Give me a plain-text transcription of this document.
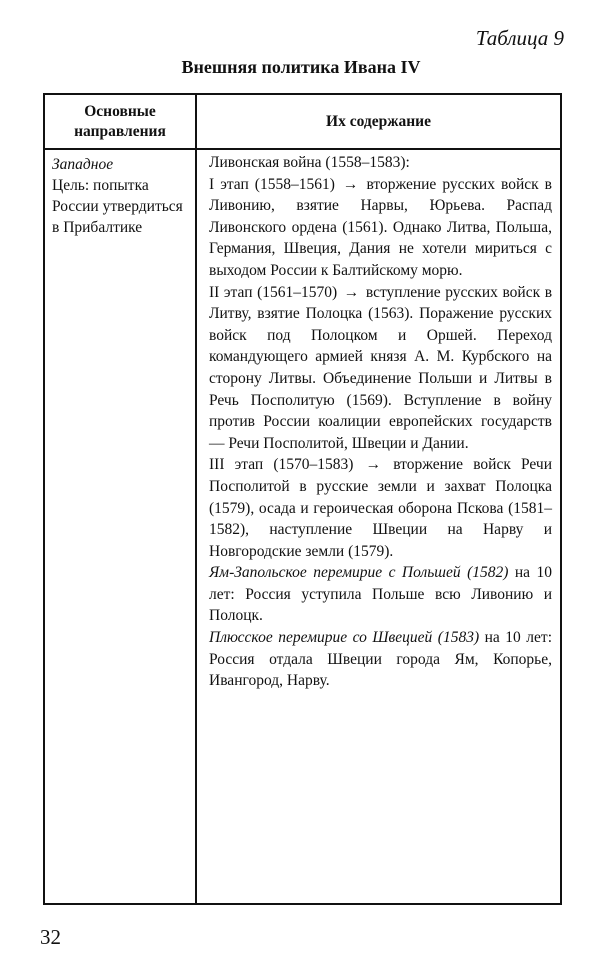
Таблица 9
Внешняя политика Ивана IV
Основные направления
Их содержание
Западное
Цель: попытка России утвердиться в Прибалтике

Ливонская война (1558–1583):

I этап (1558–1561) → вторжение русских войск в Ливонию, взятие Нарвы, Юрьева. Распад Ливонского ордена (1561). Однако Литва, Польша, Германия, Швеция, Дания не хотели мириться с выходом России к Балтийскому морю.

II этап (1561–1570) → вступление русских войск в Литву, взятие Полоцка (1563). Поражение русских войск под Полоцком и Оршей. Переход командующего армией князя А. М. Курбского на сторону Литвы. Объединение Польши и Литвы в Речь Посполитую (1569). Вступление в войну против России коалиции европейских государств — Речи Посполитой, Швеции и Дании.

III этап (1570–1583) → вторжение войск Речи Посполитой в русские земли и захват Полоцка (1579), осада и героическая оборона Пскова (1581–1582), наступление Швеции на Нарву и Новгородские земли (1579).

Ям-Запольское перемирие с Польшей (1582) на 10 лет: Россия уступила Польше всю Ливонию и Полоцк.

Плюсское перемирие со Швецией (1583) на 10 лет: Россия отдала Швеции города Ям, Копорье, Ивангород, Нарву.

32
